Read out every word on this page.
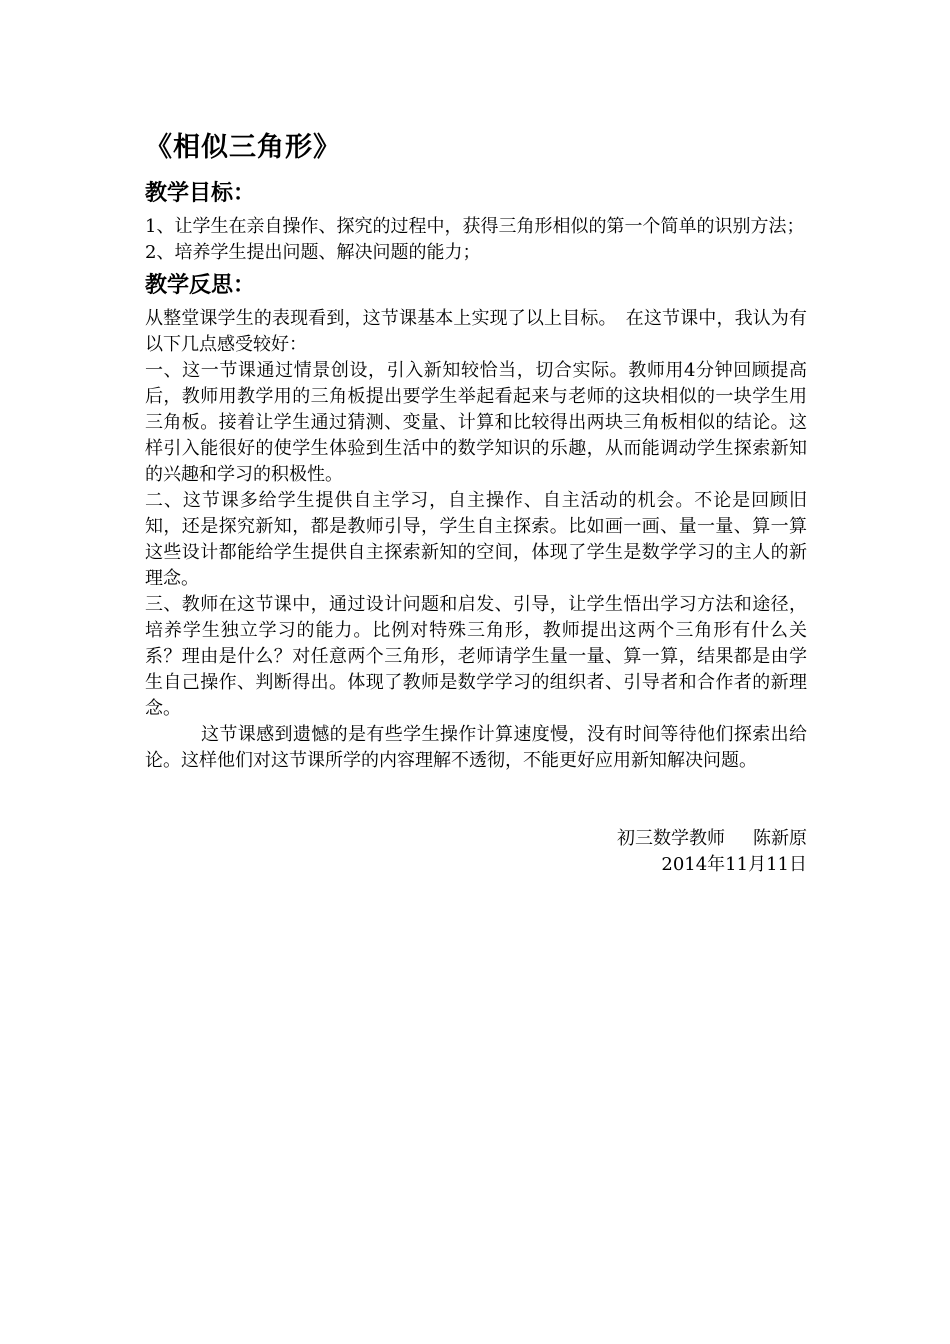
《相似三角形》
教学目标：

1、让学生在亲自操作、探究的过程中，获得三角形相似的第一个简单的识别方法；

2、培养学生提出问题、解决问题的能力；

教学反思：

从整堂课学生的表现看到，这节课基本上实现了以上目标。　在这节课中，我认为有以下几点感受较好：

一、这一节课通过情景创设，引入新知较恰当，切合实际。教师用4分钟回顾提高后，教师用教学用的三角板提出要学生举起看起来与老师的这块相似的一块学生用三角板。接着让学生通过猜测、变量、计算和比较得出两块三角板相似的结论。这样引入能很好的使学生体验到生活中的数学知识的乐趣，从而能调动学生探索新知的兴趣和学习的积极性。

二、这节课多给学生提供自主学习，自主操作、自主活动的机会。不论是回顾旧知，还是探究新知，都是教师引导，学生自主探索。比如画一画、量一量、算一算这些设计都能给学生提供自主探索新知的空间，体现了学生是数学学习的主人的新理念。

三、教师在这节课中，通过设计问题和启发、引导，让学生悟出学习方法和途径，培养学生独立学习的能力。比例对特殊三角形，教师提出这两个三角形有什么关系？理由是什么？对任意两个三角形，老师请学生量一量、算一算，结果都是由学生自己操作、判断得出。体现了教师是数学学习的组织者、引导者和合作者的新理念。

这节课感到遗憾的是有些学生操作计算速度慢，没有时间等待他们探索出给论。这样他们对这节课所学的内容理解不透彻，不能更好应用新知解决问题。

初三数学教师 陈新原
2014年11月11日
